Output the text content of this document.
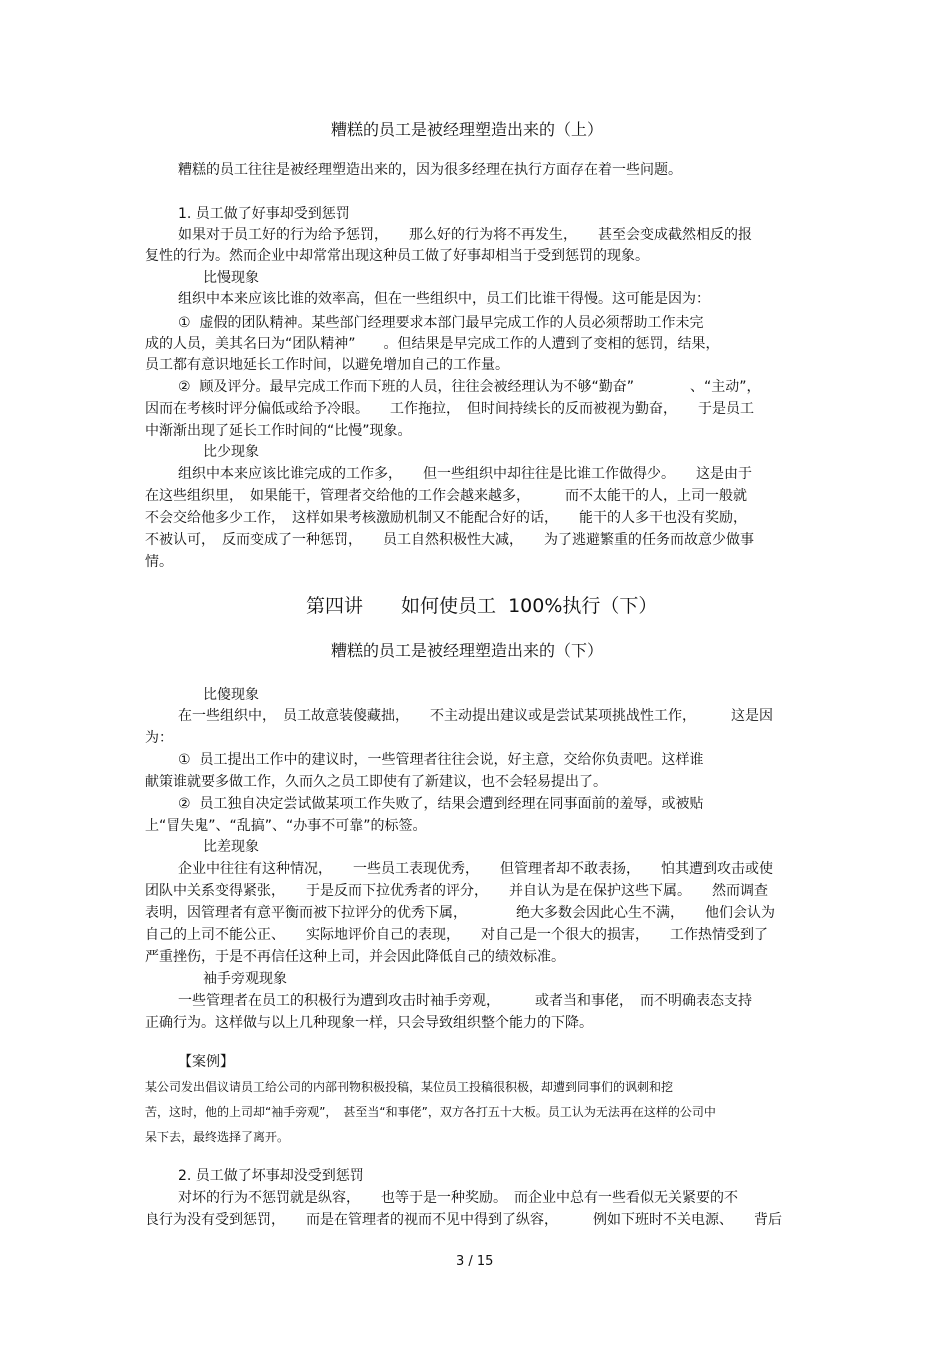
糟糕的员工是被经理塑造出来的（上）
糟糕的员工往往是被经理塑造出来的，因为很多经理在执行方面存在着一些问题。
1. 员工做了好事却受到惩罚
如果对于员工好的行为给予惩罚，　　那么好的行为将不再发生，　　甚至会变成截然相反的报
复性的行为。然而企业中却常常出现这种员工做了好事却相当于受到惩罚的现象。
比慢现象
组织中本来应该比谁的效率高，但在一些组织中，员工们比谁干得慢。这可能是因为：
①  虚假的团队精神。某些部门经理要求本部门最早完成工作的人员必须帮助工作未完
成的人员，美其名曰为“团队精神”　　。但结果是早完成工作的人遭到了变相的惩罚，结果，
员工都有意识地延长工作时间，以避免增加自己的工作量。
②  顾及评分。最早完成工作而下班的人员，往往会被经理认为不够“勤奋”　　　　、“主动”，
因而在考核时评分偏低或给予冷眼。　　工作拖拉，　但时间持续长的反而被视为勤奋，　　于是员工
中渐渐出现了延长工作时间的“比慢”现象。
比少现象
组织中本来应该比谁完成的工作多，　　但一些组织中却往往是比谁工作做得少。　　这是由于
在这些组织里，　如果能干，管理者交给他的工作会越来越多，　　　而不太能干的人，上司一般就
不会交给他多少工作，　这样如果考核激励机制又不能配合好的话，　　能干的人多干也没有奖励，
不被认可，　反而变成了一种惩罚，　　员工自然积极性大减，　　为了逃避繁重的任务而故意少做事
情。
第四讲　　如何使员工  100%执行（下）
糟糕的员工是被经理塑造出来的（下）
比傻现象
在一些组织中，　员工故意装傻藏拙，　　不主动提出建议或是尝试某项挑战性工作，　　　这是因
为：
①  员工提出工作中的建议时，一些管理者往往会说，好主意，交给你负责吧。这样谁
献策谁就要多做工作，久而久之员工即使有了新建议，也不会轻易提出了。
②  员工独自决定尝试做某项工作失败了，结果会遭到经理在同事面前的羞辱，或被贴
上“冒失鬼”、“乱搞”、“办事不可靠”的标签。
比差现象
企业中往往有这种情况，　　一些员工表现优秀，　　但管理者却不敢表扬，　　怕其遭到攻击或使
团队中关系变得紧张，　　于是反而下拉优秀者的评分，　　并自认为是在保护这些下属。　　然而调查
表明，因管理者有意平衡而被下拉评分的优秀下属，　　　　绝大多数会因此心生不满，　　他们会认为
自己的上司不能公正、　　实际地评价自己的表现，　　对自己是一个很大的损害，　　工作热情受到了
严重挫伤，于是不再信任这种上司，并会因此降低自己的绩效标准。
袖手旁观现象
一些管理者在员工的积极行为遭到攻击时袖手旁观，　　　或者当和事佬，　而不明确表态支持
正确行为。这样做与以上几种现象一样，只会导致组织整个能力的下降。
【案例】
某公司发出倡议请员工给公司的内部刊物积极投稿，某位员工投稿很积极，却遭到同事们的讽刺和挖
苦，这时，他的上司却“袖手旁观”，　甚至当“和事佬”，双方各打五十大板。员工认为无法再在这样的公司中
呆下去，最终选择了离开。
2. 员工做了坏事却没受到惩罚
对坏的行为不惩罚就是纵容，　　也等于是一种奖励。　而企业中总有一些看似无关紧要的不
良行为没有受到惩罚，　　而是在管理者的视而不见中得到了纵容，　　　例如下班时不关电源、　　背后
3 / 15
